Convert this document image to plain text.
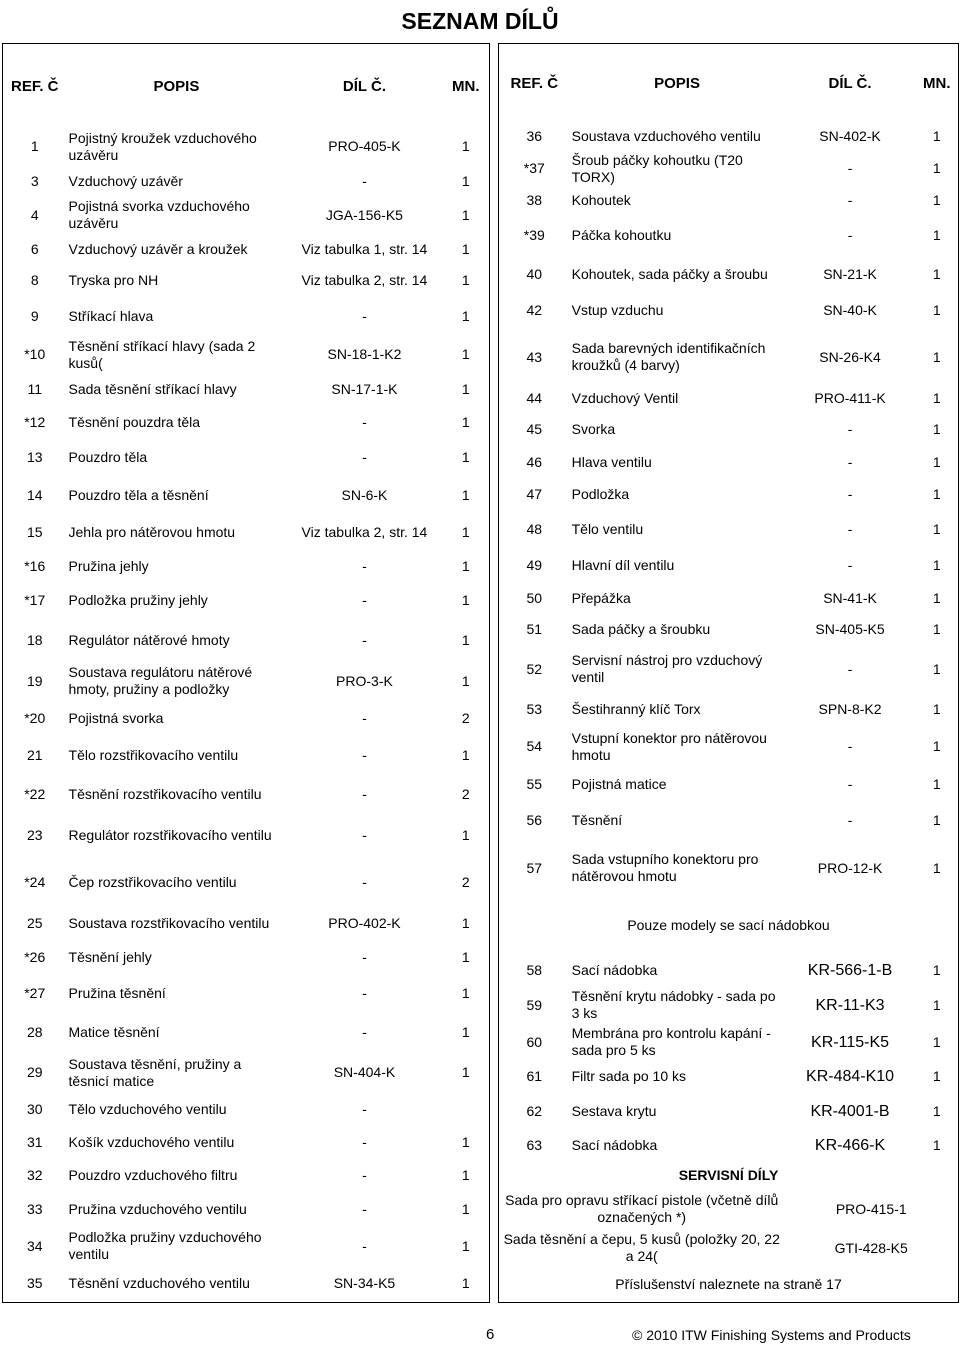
SEZNAM DÍLŮ
REF. Č	POPIS	DÍL Č.	MN.
1	Pojistný kroužek vzduchového uzávěru	PRO-405-K	1
3	Vzduchový uzávěr	-	1
4	Pojistná svorka vzduchového uzávěru	JGA-156-K5	1
6	Vzduchový uzávěr a kroužek	Viz tabulka 1, str. 14	1
8	Tryska pro NH	Viz tabulka 2, str. 14	1
9	Stříkací hlava	-	1
*10	Těsnění stříkací hlavy (sada 2 kusů(	SN-18-1-K2	1
11	Sada těsnění stříkací hlavy	SN-17-1-K	1
*12	Těsnění pouzdra těla	-	1
13	Pouzdro těla	-	1
14	Pouzdro těla a těsnění	SN-6-K	1
15	Jehla pro nátěrovou hmotu	Viz tabulka 2, str. 14	1
*16	Pružina jehly	-	1
*17	Podložka pružiny jehly	-	1
18	Regulátor nátěrové hmoty	-	1
19	Soustava regulátoru nátěrové hmoty, pružiny a podložky	PRO-3-K	1
*20	Pojistná svorka	-	2
21	Tělo rozstřikovacího ventilu	-	1
*22	Těsnění rozstřikovacího ventilu	-	2
23	Regulátor rozstřikovacího ventilu	-	1
*24	Čep rozstřikovacího ventilu	-	2
25	Soustava rozstřikovacího ventilu	PRO-402-K	1
*26	Těsnění jehly	-	1
*27	Pružina těsnění	-	1
28	Matice těsnění	-	1
29	Soustava těsnění, pružiny a těsnicí matice	SN-404-K	1
30	Tělo vzduchového ventilu	-	
31	Košík vzduchového ventilu	-	1
32	Pouzdro vzduchového filtru	-	1
33	Pružina vzduchového ventilu	-	1
34	Podložka pružiny vzduchového ventilu	-	1
35	Těsnění vzduchového ventilu	SN-34-K5	1
REF. Č	POPIS	DÍL Č.	MN.
36	Soustava vzduchového ventilu	SN-402-K	1
*37	Šroub páčky kohoutku (T20 TORX)	-	1
38	Kohoutek	-	1
*39	Páčka kohoutku	-	1
40	Kohoutek, sada páčky a šroubu	SN-21-K	1
42	Vstup vzduchu	SN-40-K	1
43	Sada barevných identifikačních kroužků (4 barvy)	SN-26-K4	1
44	Vzduchový Ventil	PRO-411-K	1
45	Svorka	-	1
46	Hlava ventilu	-	1
47	Podložka	-	1
48	Tělo ventilu	-	1
49	Hlavní díl ventilu	-	1
50	Přepážka	SN-41-K	1
51	Sada páčky a šroubku	SN-405-K5	1
52	Servisní nástroj pro vzduchový ventil	-	1
53	Šestihranný klíč Torx	SPN-8-K2	1
54	Vstupní konektor pro nátěrovou hmotu	-	1
55	Pojistná matice	-	1
56	Těsnění	-	1
57	Sada vstupního konektoru pro nátěrovou hmotu	PRO-12-K	1
Pouze modely se sací nádobkou			
58	Sací nádobka	KR-566-1-B	1
59	Těsnění krytu nádobky - sada po 3 ks	KR-11-K3	1
60	Membrána pro kontrolu kapání - sada pro 5 ks	KR-115-K5	1
61	Filtr sada po 10 ks	KR-484-K10	1
62	Sestava krytu	KR-4001-B	1
63	Sací nádobka	KR-466-K	1
SERVISNÍ DÍLY			
Sada pro opravu stříkací pistole (včetně dílů označených *)		PRO-415-1	
Sada těsnění a čepu, 5 kusů (položky 20, 22 a 24(		GTI-428-K5	
Příslušenství naleznete na straně 17			
6	© 2010 ITW Finishing Systems and Products
